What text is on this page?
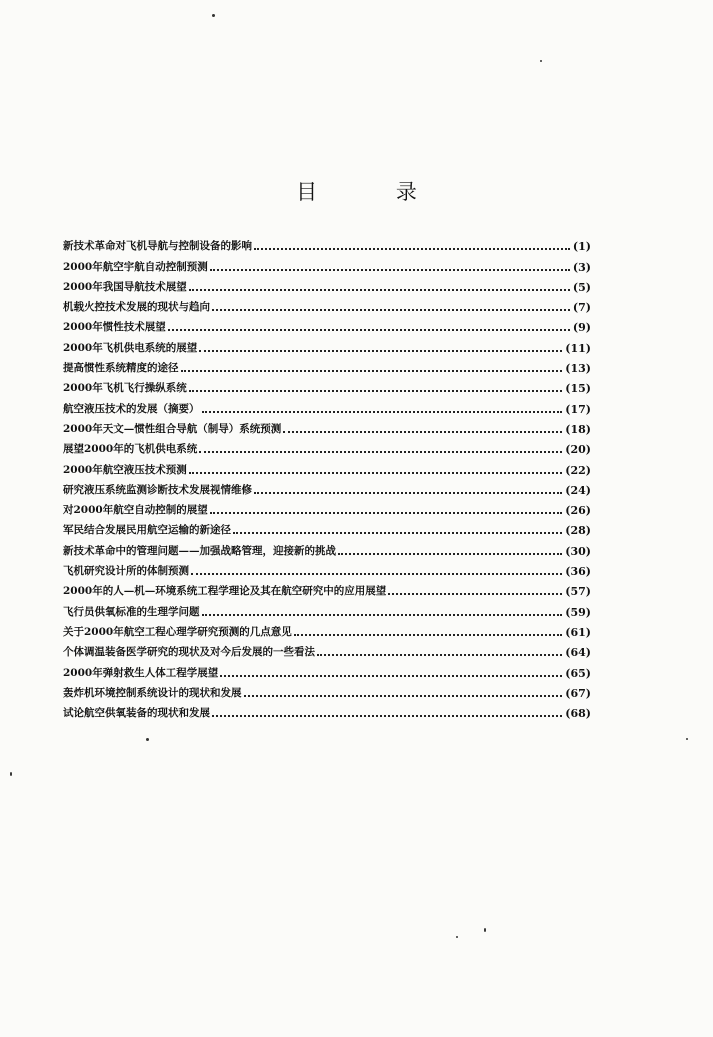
目 录
新技术革命对飞机导航与控制设备的影响	(1)
2000年航空宇航自动控制预测	(3)
2000年我国导航技术展望	(5)
机载火控技术发展的现状与趋向	(7)
2000年惯性技术展望	(9)
2000年飞机供电系统的展望	(11)
提高惯性系统精度的途径	(13)
2000年飞机飞行操纵系统	(15)
航空液压技术的发展（摘要）	(17)
2000年天文—惯性组合导航（制导）系统预测	(18)
展望2000年的飞机供电系统	(20)
2000年航空液压技术预测	(22)
研究液压系统监测诊断技术发展视情维修	(24)
对2000年航空自动控制的展望	(26)
军民结合发展民用航空运输的新途径	(28)
新技术革命中的管理问题——加强战略管理，迎接新的挑战	(30)
飞机研究设计所的体制预测	(36)
2000年的人—机—环境系统工程学理论及其在航空研究中的应用展望	(57)
飞行员供氧标准的生理学问题	(59)
关于2000年航空工程心理学研究预测的几点意见	(61)
个体调温装备医学研究的现状及对今后发展的一些看法	(64)
2000年弹射救生人体工程学展望	(65)
轰炸机环境控制系统设计的现状和发展	(67)
试论航空供氧装备的现状和发展	(68)
